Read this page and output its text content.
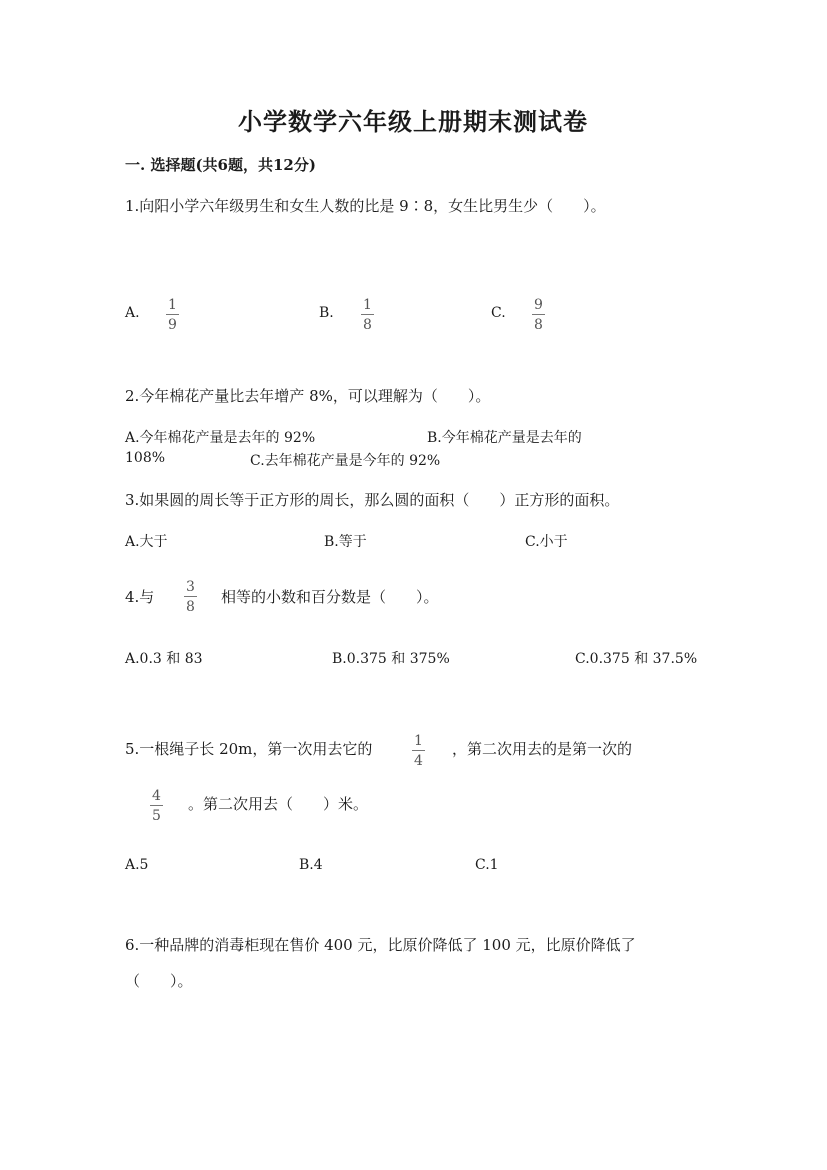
小学数学六年级上册期末测试卷
一. 选择题(共6题，共12分)
1.向阳小学六年级男生和女生人数的比是 9∶8，女生比男生少（　　）。
A. 1
9
B. 1
8
C. 9
8
2.今年棉花产量比去年增产 8%，可以理解为（　　）。
A.今年棉花产量是去年的 92%	B.今年棉花产量是去年的
108%	C.去年棉花产量是今年的 92%
3.如果圆的周长等于正方形的周长，那么圆的面积（　　）正方形的面积。
A.大于	B.等于	C.小于
4.与
3
8
相等的小数和百分数是（　　）。
A.0.3 和 83	B.0.375 和 375%	C.0.375 和 37.5%
5.一根绳子长 20m，第一次用去它的	1
4
，第二次用去的是第一次的
4
5
。第二次用去（　　）米。
A.5	B.4	C.1
6.一种品牌的消毒柜现在售价 400 元，比原价降低了 100 元，比原价降低了
（　　）。
